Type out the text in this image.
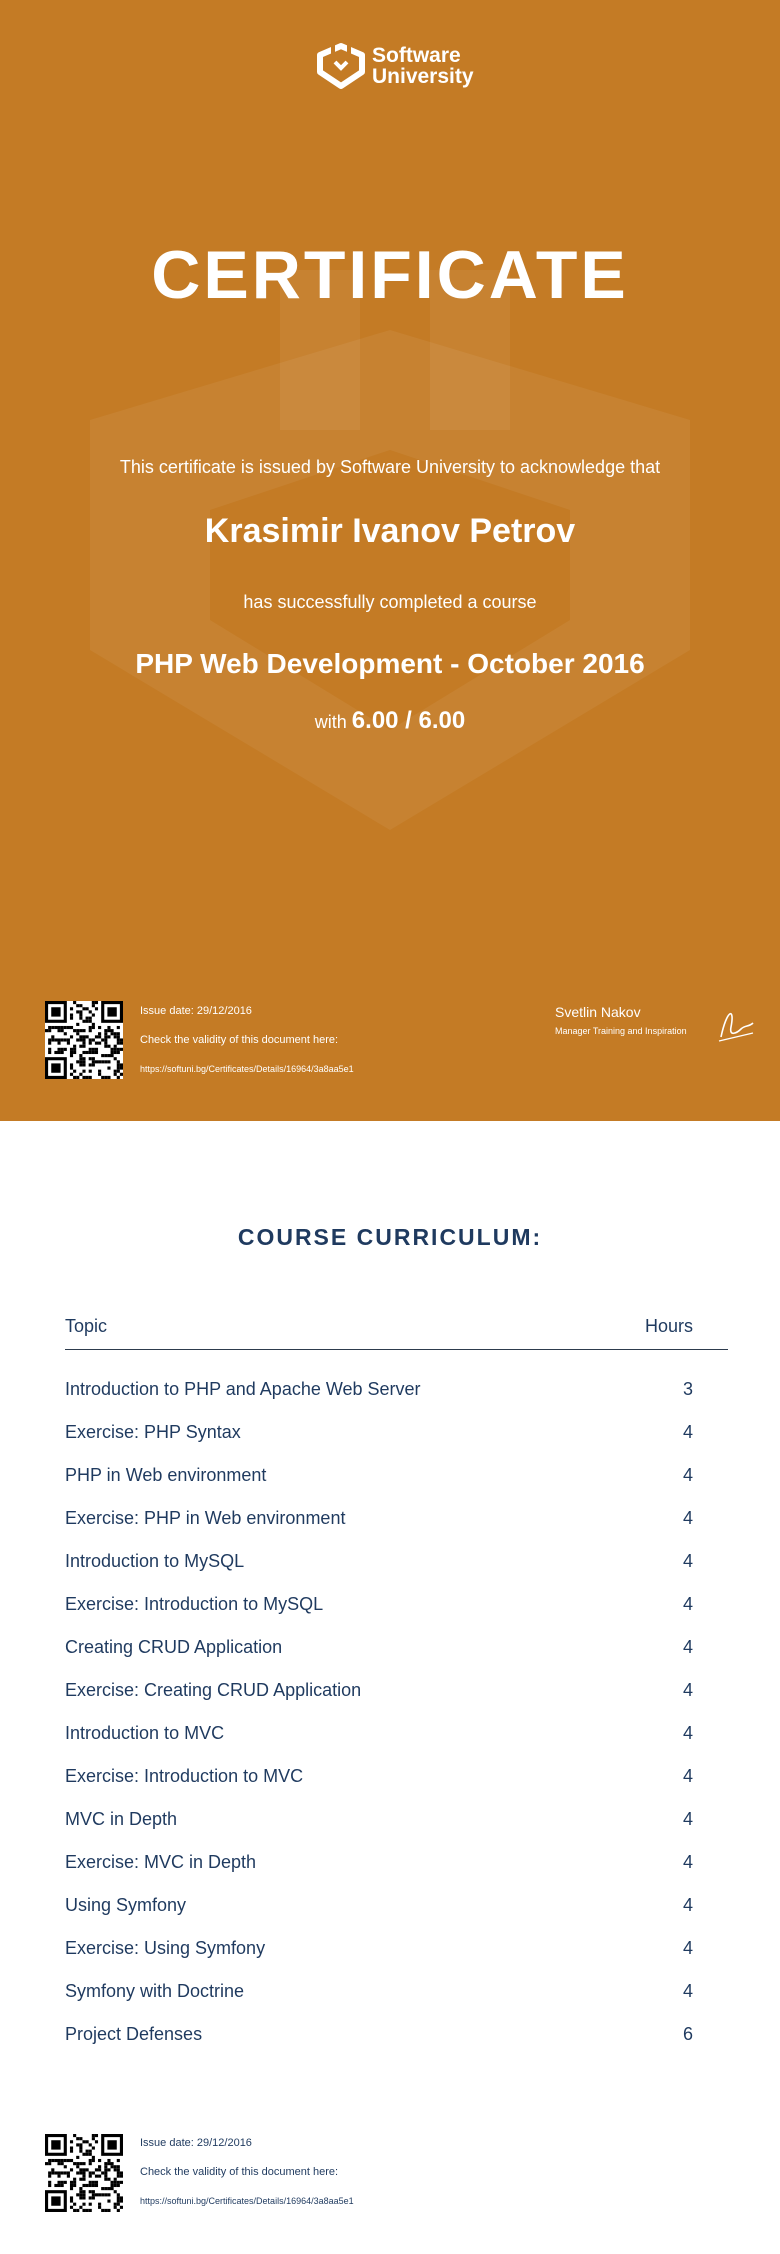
Software
University
CERTIFICATE
This certificate is issued by Software University to acknowledge that
Krasimir Ivanov Petrov
has successfully completed a course
PHP Web Development - October 2016
with 6.00 / 6.00
Issue date: 29/12/2016
Check the validity of this document here:
https://softuni.bg/Certificates/Details/16964/3a8aa5e1
Svetlin Nakov
Manager Training and Inspiration
COURSE CURRICULUM:
Topic	Hours
Introduction to PHP and Apache Web Server	3
Exercise: PHP Syntax	4
PHP in Web environment	4
Exercise: PHP in Web environment	4
Introduction to MySQL	4
Exercise: Introduction to MySQL	4
Creating CRUD Application	4
Exercise: Creating CRUD Application	4
Introduction to MVC	4
Exercise: Introduction to MVC	4
MVC in Depth	4
Exercise: MVC in Depth	4
Using Symfony	4
Exercise: Using Symfony	4
Symfony with Doctrine	4
Project Defenses	6
Issue date: 29/12/2016
Check the validity of this document here:
https://softuni.bg/Certificates/Details/16964/3a8aa5e1
